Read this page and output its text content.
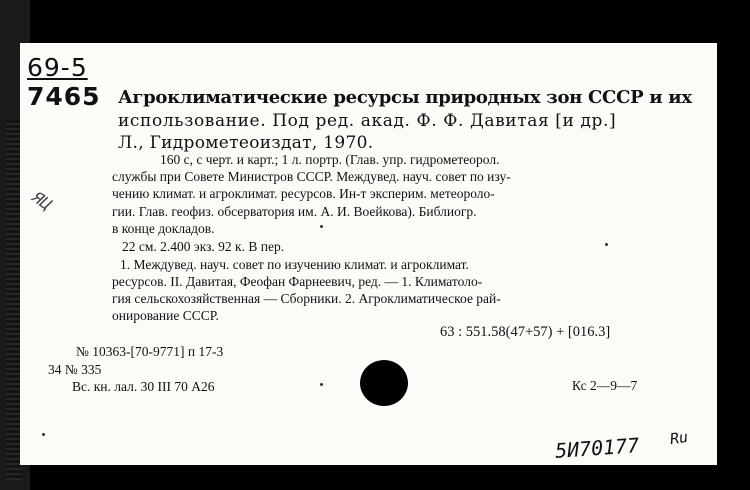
69-5
7465 Агроклиматические ресурсы природных зон СССР и их
использование. Под ред. акад. Ф. Ф. Давитая [и др.]
Л., Гидрометеоиздат, 1970.
160 с, с черт. и карт.; 1 л. портр. (Глав. упр. гидрометеорол.
службы при Совете Министров СССР. Междувед. науч. совет по изу-
чению климат. и агроклимат. ресурсов. Ин-т эксперим. метеороло-
гии. Глав. геофиз. обсерватория им. А. И. Воейкова). Библиогр.
в конце докладов.
22 см. 2.400 экз. 92 к. В пер.
1. Междувед. науч. совет по изучению климат. и агроклимат.
ресурсов. II. Давитая, Феофан Фарнеевич, ред. — 1. Климатоло-
гия сельскохозяйственная — Сборники. 2. Агроклиматическое рай-
онирование СССР.
63 : 551.58(47+57) + [016.3]
№ 10363-[70-9771] п 17-3
34 № 335
Вс. кн. лал. 30 III 70 А26	Кс 2—9—7
5И70177 Ru
ЯЦ
